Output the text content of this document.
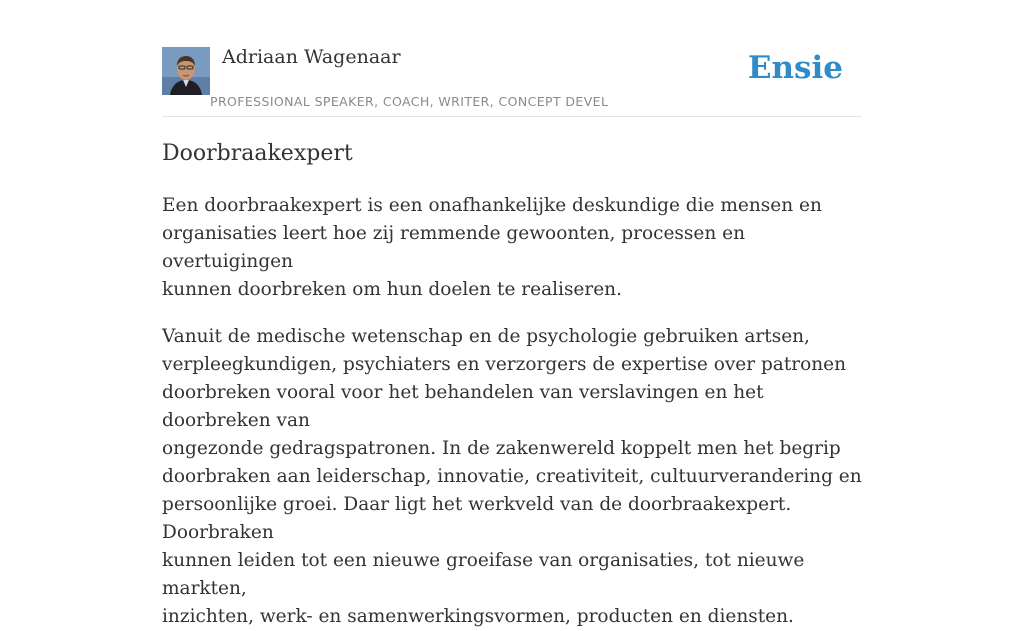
Adriaan Wagenaar
PROFESSIONAL SPEAKER, COACH, WRITER, CONCEPT DEVEL
Ensie
Doorbraakexpert

Een doorbraakexpert is een onafhankelijke deskundige die mensen en
organisaties leert hoe zij remmende gewoonten, processen en overtuigingen
kunnen doorbreken om hun doelen te realiseren.

Vanuit de medische wetenschap en de psychologie gebruiken artsen,
verpleegkundigen, psychiaters en verzorgers de expertise over patronen
doorbreken vooral voor het behandelen van verslavingen en het doorbreken van
ongezonde gedragspatronen. In de zakenwereld koppelt men het begrip
doorbraken aan leiderschap, innovatie, creativiteit, cultuurverandering en
persoonlijke groei. Daar ligt het werkveld van de doorbraakexpert. Doorbraken
kunnen leiden tot een nieuwe groeifase van organisaties, tot nieuwe markten,
inzichten, werk- en samenwerkingsvormen, producten en diensten.
